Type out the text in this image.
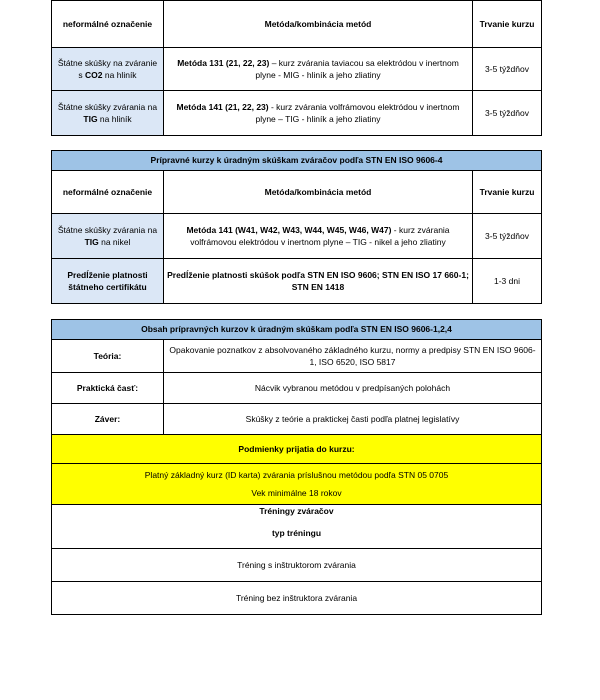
neformálné označenie	Metóda/kombinácia metód	Trvanie kurzu
Štátne skúšky na zváranie s CO2 na hliník	Metóda 131 (21, 22, 23) – kurz zvárania taviacou sa elektródou v inertnom plyne - MIG - hliník a jeho zliatiny	3-5 týždňov
Štátne skúšky zvárania na TIG na hliník	Metóda 141 (21, 22, 23) - kurz zvárania volfrámovou elektródou v inertnom plyne – TIG - hliník a jeho zliatiny	3-5 týždňov
Prípravné kurzy k úradným skúškam zváračov podľa STN EN ISO 9606-4		
neformálné označenie	Metóda/kombinácia metód	Trvanie kurzu
Štátne skúšky zvárania na TIG na nikel	Metóda 141 (W41, W42, W43, W44, W45, W46, W47) - kurz zvárania volfrámovou elektródou v inertnom plyne – TIG - nikel a jeho zliatiny	3-5 týždňov
Predĺženie platnosti štátneho certifikátu	Predĺženie platnosti skúšok podľa STN EN ISO 9606; STN EN ISO 17 660-1; STN EN 1418	1-3 dni
Obsah prípravných kurzov k úradným skúškam podľa STN EN ISO 9606-1,2,4	
Teória:	Opakovanie poznatkov z absolvovaného základného kurzu, normy a predpisy STN EN ISO 9606-1, ISO 6520, ISO 5817
Praktická časť:	Nácvik vybranou metódou v predpísaných polohách
Záver:	Skúšky z teórie a praktickej časti podľa platnej legislatívy
Podmienky prijatia do kurzu:	

Platný základný kurz (ID karta) zvárania príslušnou metódou podľa STN 05 0705
Vek minimálne 18 rokov	

Tréningy zváračov	
typ tréningu	
Tréning s inštruktorom zvárania	
Tréning bez inštruktora zvárania	
